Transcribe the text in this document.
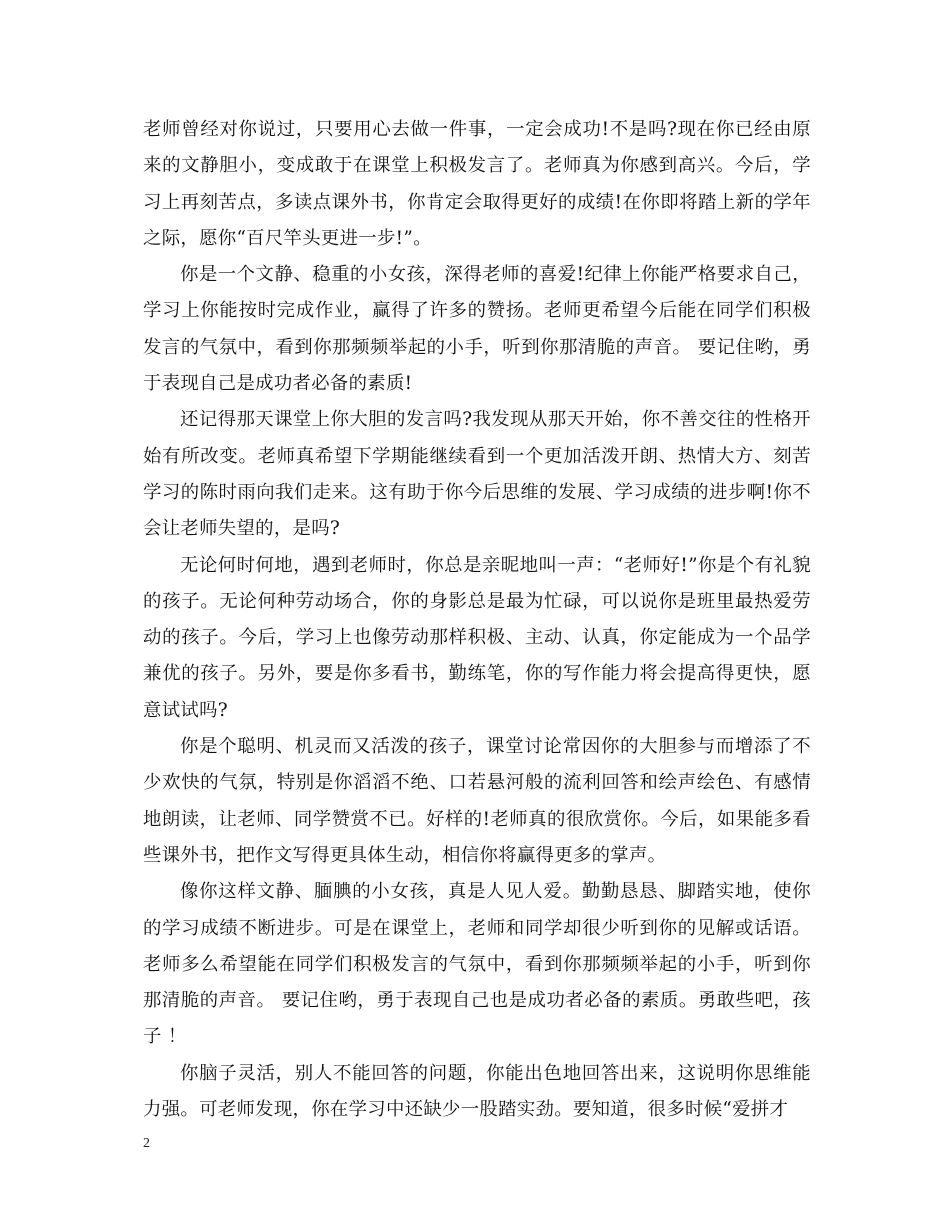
老师曾经对你说过，只要用心去做一件事，一定会成功!不是吗?现在你已经由原来的文静胆小，变成敢于在课堂上积极发言了。老师真为你感到高兴。今后，学习上再刻苦点，多读点课外书，你肯定会取得更好的成绩!在你即将踏上新的学年之际，愿你“百尺竿头更进一步!”。

你是一个文静、稳重的小女孩，深得老师的喜爱!纪律上你能严格要求自己，学习上你能按时完成作业，赢得了许多的赞扬。老师更希望今后能在同学们积极发言的气氛中，看到你那频频举起的小手，听到你那清脆的声音。 要记住哟，勇于表现自己是成功者必备的素质!

还记得那天课堂上你大胆的发言吗?我发现从那天开始，你不善交往的性格开始有所改变。老师真希望下学期能继续看到一个更加活泼开朗、热情大方、刻苦学习的陈时雨向我们走来。这有助于你今后思维的发展、学习成绩的进步啊!你不会让老师失望的，是吗?

无论何时何地，遇到老师时，你总是亲昵地叫一声：“老师好!”你是个有礼貌的孩子。无论何种劳动场合，你的身影总是最为忙碌，可以说你是班里最热爱劳动的孩子。今后，学习上也像劳动那样积极、主动、认真，你定能成为一个品学兼优的孩子。另外，要是你多看书，勤练笔，你的写作能力将会提高得更快，愿意试试吗?

你是个聪明、机灵而又活泼的孩子，课堂讨论常因你的大胆参与而增添了不少欢快的气氛，特别是你滔滔不绝、口若悬河般的流利回答和绘声绘色、有感情地朗读，让老师、同学赞赏不已。好样的!老师真的很欣赏你。今后，如果能多看些课外书，把作文写得更具体生动，相信你将赢得更多的掌声。

像你这样文静、腼腆的小女孩，真是人见人爱。勤勤恳恳、脚踏实地，使你的学习成绩不断进步。可是在课堂上，老师和同学却很少听到你的见解或话语。老师多么希望能在同学们积极发言的气氛中，看到你那频频举起的小手，听到你那清脆的声音。 要记住哟，勇于表现自己也是成功者必备的素质。勇敢些吧，孩子 ！

你脑子灵活，别人不能回答的问题，你能出色地回答出来，这说明你思维能力强。可老师发现，你在学习中还缺少一股踏实劲。要知道，很多时候“爱拼才

2
